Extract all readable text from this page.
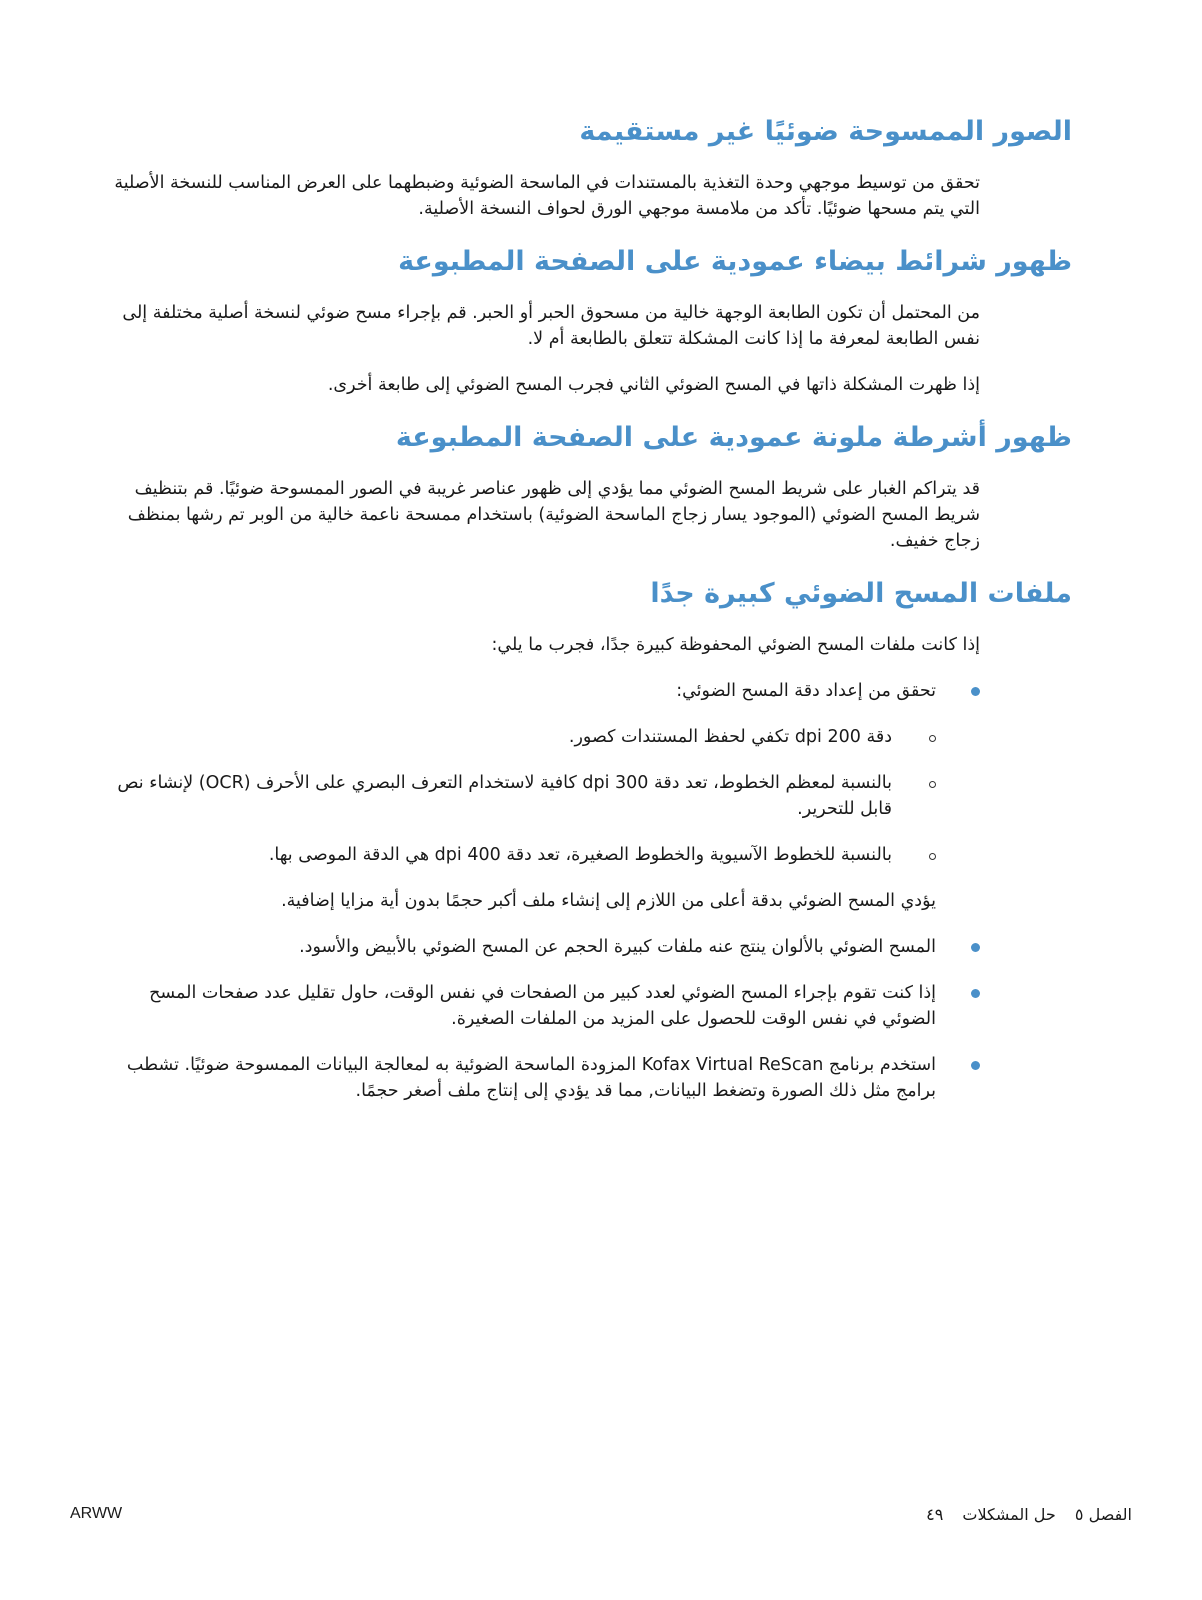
الصور الممسوحة ضوئيًا غير مستقيمة

تحقق من توسيط موجهي وحدة التغذية بالمستندات في الماسحة الضوئية وضبطهما على العرض المناسب للنسخة الأصلية التي يتم مسحها ضوئيًا. تأكد من ملامسة موجهي الورق لحواف النسخة الأصلية.

ظهور شرائط بيضاء عمودية على الصفحة المطبوعة

من المحتمل أن تكون الطابعة الوجهة خالية من مسحوق الحبر أو الحبر. قم بإجراء مسح ضوئي لنسخة أصلية مختلفة إلى نفس الطابعة لمعرفة ما إذا كانت المشكلة تتعلق بالطابعة أم لا.

إذا ظهرت المشكلة ذاتها في المسح الضوئي الثاني فجرب المسح الضوئي إلى طابعة أخرى.

ظهور أشرطة ملونة عمودية على الصفحة المطبوعة

قد يتراكم الغبار على شريط المسح الضوئي مما يؤدي إلى ظهور عناصر غريبة في الصور الممسوحة ضوئيًا. قم بتنظيف شريط المسح الضوئي (الموجود يسار زجاج الماسحة الضوئية) باستخدام ممسحة ناعمة خالية من الوبر تم رشها بمنظف زجاج خفيف.

ملفات المسح الضوئي كبيرة جدًا

إذا كانت ملفات المسح الضوئي المحفوظة كبيرة جدًا، فجرب ما يلي:

تحقق من إعداد دقة المسح الضوئي:
دقة 200 dpi تكفي لحفظ المستندات كصور.
بالنسبة لمعظم الخطوط، تعد دقة 300 dpi كافية لاستخدام التعرف البصري على الأحرف (OCR) لإنشاء نص قابل للتحرير.
بالنسبة للخطوط الآسيوية والخطوط الصغيرة، تعد دقة 400 dpi هي الدقة الموصى بها.
يؤدي المسح الضوئي بدقة أعلى من اللازم إلى إنشاء ملف أكبر حجمًا بدون أية مزايا إضافية.
المسح الضوئي بالألوان ينتج عنه ملفات كبيرة الحجم عن المسح الضوئي بالأبيض والأسود.
إذا كنت تقوم بإجراء المسح الضوئي لعدد كبير من الصفحات في نفس الوقت، حاول تقليل عدد صفحات المسح الضوئي في نفس الوقت للحصول على المزيد من الملفات الصغيرة.
استخدم برنامج Kofax Virtual ReScan المزودة الماسحة الضوئية به لمعالجة البيانات الممسوحة ضوئيًا. تشطب برامج مثل ذلك الصورة وتضغط البيانات, مما قد يؤدي إلى إنتاج ملف أصغر حجمًا.
ARWW	الفصل ٥ حل المشكلات ٤٩
